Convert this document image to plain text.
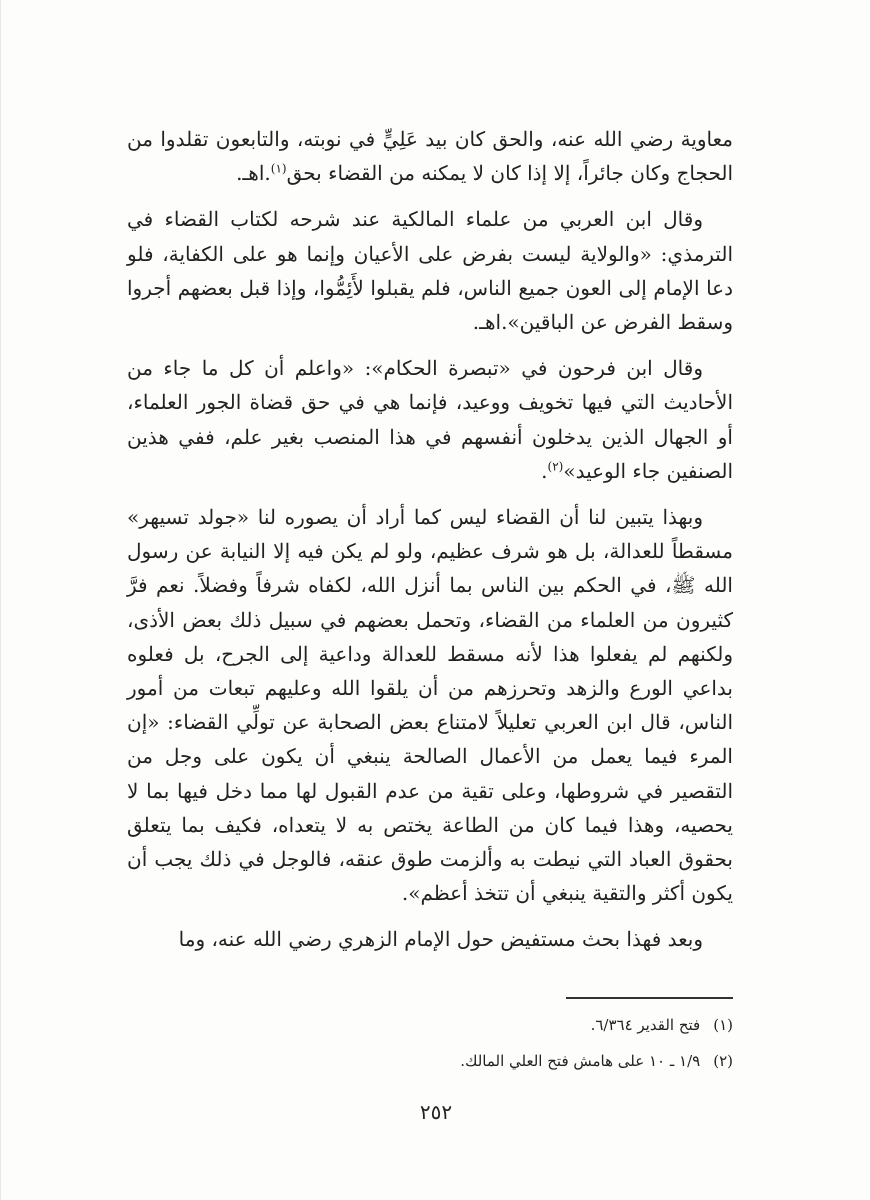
معاوية رضي الله عنه، والحق كان بيد عَلِيٍّ في نوبته، والتابعون تقلدوا من الحجاج وكان جائراً، إلا إذا كان لا يمكنه من القضاء بحق$^{(١)}$.اهـ.

وقال ابن العربي من علماء المالكية عند شرحه لكتاب القضاء في الترمذي: «والولاية ليست بفرض على الأعيان وإنما هو على الكفاية، فلو دعا الإمام إلى العون جميع الناس، فلم يقبلوا لأَئِمُّوا، وإذا قبل بعضهم أجروا وسقط الفرض عن الباقين».اهـ.

وقال ابن فرحون في «تبصرة الحكام»: «واعلم أن كل ما جاء من الأحاديث التي فيها تخويف ووعيد، فإنما هي في حق قضاة الجور العلماء، أو الجهال الذين يدخلون أنفسهم في هذا المنصب بغير علم، ففي هذين الصنفين جاء الوعيد»$^{(٢)}$.

وبهذا يتبين لنا أن القضاء ليس كما أراد أن يصوره لنا «جولد تسيهر» مسقطاً للعدالة، بل هو شرف عظيم، ولو لم يكن فيه إلا النيابة عن رسول الله ﷺ، في الحكم بين الناس بما أنزل الله، لكفاه شرفاً وفضلاً. نعم فرَّ كثيرون من العلماء من القضاء، وتحمل بعضهم في سبيل ذلك بعض الأذى، ولكنهم لم يفعلوا هذا لأنه مسقط للعدالة وداعية إلى الجرح، بل فعلوه بداعي الورع والزهد وتحرزهم من أن يلقوا الله وعليهم تبعات من أمور الناس، قال ابن العربي تعليلاً لامتناع بعض الصحابة عن تولِّي القضاء: «إن المرء فيما يعمل من الأعمال الصالحة ينبغي أن يكون على وجل من التقصير في شروطها، وعلى تقية من عدم القبول لها مما دخل فيها بما لا يحصيه، وهذا فيما كان من الطاعة يختص به لا يتعداه، فكيف بما يتعلق بحقوق العباد التي نيطت به وألزمت طوق عنقه، فالوجل في ذلك يجب أن يكون أكثر والتقية ينبغي أن تتخذ أعظم».

وبعد فهذا بحث مستفيض حول الإمام الزهري رضي الله عنه، وما

(١) فتح القدير ٦/٣٦٤.

(٢) ١/٩ ـ ١٠ على هامش فتح العلي المالك.

٢٥٢
